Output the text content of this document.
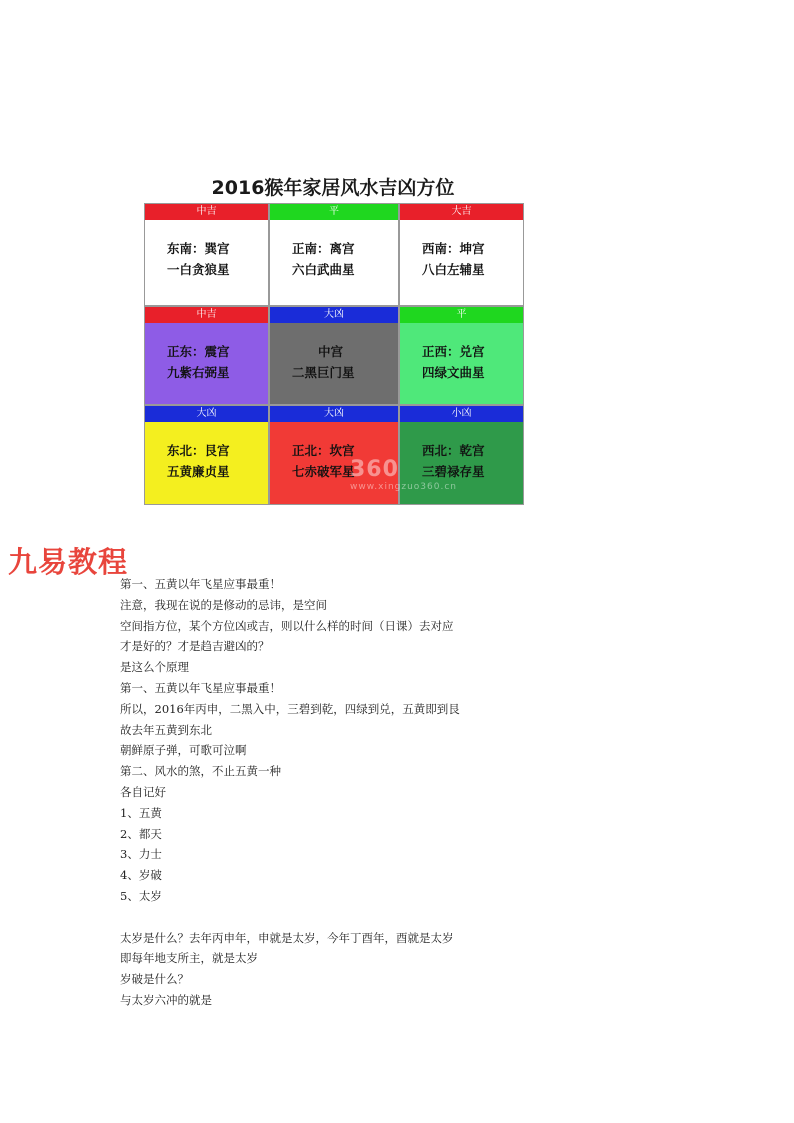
2016猴年家居风水吉凶方位
中吉
东南：巽宫
一白贪狼星
平
正南：离宫
六白武曲星
大吉
西南：坤宫
八白左辅星
中吉
正东：震宫
九紫右弼星
大凶
中宫
二黑巨门星
平
正西：兑宫
四绿文曲星
大凶
东北：艮宫
五黄廉贞星
大凶
正北：坎宫
七赤破军星
小凶
西北：乾宫
三碧禄存星
360
www.xingzuo360.cn
九易教程
第一、五黄以年飞星应事最重！
注意，我现在说的是修动的忌讳，是空间
空间指方位，某个方位凶或吉，则以什么样的时间（日课）去对应
才是好的？才是趋吉避凶的？
是这么个原理
第一、五黄以年飞星应事最重！
所以，2016年丙申，二黑入中，三碧到乾，四绿到兑，五黄即到艮
故去年五黄到东北
朝鲜原子弹，可歌可泣啊
第二、风水的煞，不止五黄一种
各自记好
1、五黄
2、都天
3、力士
4、岁破
5、太岁
太岁是什么？去年丙申年，申就是太岁，今年丁酉年，酉就是太岁
即每年地支所主，就是太岁
岁破是什么？
与太岁六冲的就是
